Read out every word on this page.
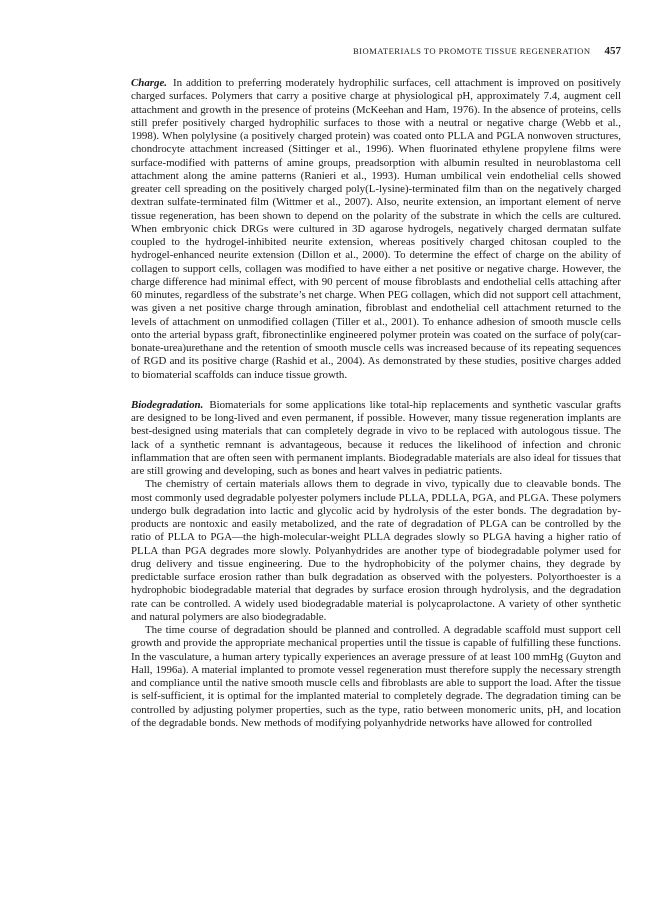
BIOMATERIALS TO PROMOTE TISSUE REGENERATION 457

Charge. In addition to preferring moderately hydrophilic surfaces, cell attachment is improved on positively charged surfaces. Polymers that carry a positive charge at physiological pH, approximately 7.4, augment cell attachment and growth in the presence of proteins (McKeehan and Ham, 1976). In the absence of proteins, cells still prefer positively charged hydrophilic surfaces to those with a neutral or negative charge (Webb et al., 1998). When polylysine (a positively charged protein) was coated onto PLLA and PGLA nonwoven structures, chondrocyte attachment increased (Sittinger et al., 1996). When fluorinated ethylene propylene films were surface-modified with patterns of amine groups, preadsorption with albumin resulted in neuroblastoma cell attachment along the amine patterns (Ranieri et al., 1993). Human umbilical vein endothelial cells showed greater cell spreading on the positively charged poly(L-lysine)-terminated film than on the negatively charged dextran sulfate-terminated film (Wittmer et al., 2007). Also, neurite extension, an important element of nerve tissue regeneration, has been shown to depend on the polarity of the substrate in which the cells are cultured. When embryonic chick DRGs were cultured in 3D agarose hydrogels, negatively charged dermatan sulfate coupled to the hydrogel-inhibited neurite extension, whereas positively charged chitosan coupled to the hydrogel-enhanced neurite extension (Dillon et al., 2000). To determine the effect of charge on the ability of collagen to support cells, collagen was modified to have either a net positive or negative charge. However, the charge difference had minimal effect, with 90 percent of mouse fibroblasts and endothelial cells attaching after 60 minutes, regardless of the substrate’s net charge. When PEG collagen, which did not support cell attachment, was given a net positive charge through amination, fibroblast and endothelial cell attachment returned to the levels of attachment on unmodified collagen (Tiller et al., 2001). To enhance adhesion of smooth muscle cells onto the arterial bypass graft, fibronectinlike engineered polymer protein was coated on the surface of poly(carbonate-urea)urethane and the retention of smooth muscle cells was increased because of its repeating sequences of RGD and its positive charge (Rashid et al., 2004). As demonstrated by these studies, positive charges added to biomaterial scaffolds can induce tissue growth.

Biodegradation. Biomaterials for some applications like total-hip replacements and synthetic vascular grafts are designed to be long-lived and even permanent, if possible. However, many tissue regeneration implants are best-designed using materials that can completely degrade in vivo to be replaced with autologous tissue. The lack of a synthetic remnant is advantageous, because it reduces the likelihood of infection and chronic inflammation that are often seen with permanent implants. Biodegradable materials are also ideal for tissues that are still growing and developing, such as bones and heart valves in pediatric patients.

The chemistry of certain materials allows them to degrade in vivo, typically due to cleavable bonds. The most commonly used degradable polyester polymers include PLLA, PDLLA, PGA, and PLGA. These polymers undergo bulk degradation into lactic and glycolic acid by hydrolysis of the ester bonds. The degradation by-products are nontoxic and easily metabolized, and the rate of degradation of PLGA can be controlled by the ratio of PLLA to PGA—the high-molecular-weight PLLA degrades slowly so PLGA having a higher ratio of PLLA than PGA degrades more slowly. Polyanhydrides are another type of biodegradable polymer used for drug delivery and tissue engineering. Due to the hydrophobicity of the polymer chains, they degrade by predictable surface erosion rather than bulk degradation as observed with the polyesters. Polyorthoester is a hydrophobic biodegradable material that degrades by surface erosion through hydrolysis, and the degradation rate can be controlled. A widely used biodegradable material is polycaprolactone. A variety of other synthetic and natural polymers are also biodegradable.

The time course of degradation should be planned and controlled. A degradable scaffold must support cell growth and provide the appropriate mechanical properties until the tissue is capable of fulfilling these functions. In the vasculature, a human artery typically experiences an average pressure of at least 100 mmHg (Guyton and Hall, 1996a). A material implanted to promote vessel regeneration must therefore supply the necessary strength and compliance until the native smooth muscle cells and fibroblasts are able to support the load. After the tissue is self-sufficient, it is optimal for the implanted material to completely degrade. The degradation timing can be controlled by adjusting polymer properties, such as the type, ratio between monomeric units, pH, and location of the degradable bonds. New methods of modifying polyanhydride networks have allowed for controlled
